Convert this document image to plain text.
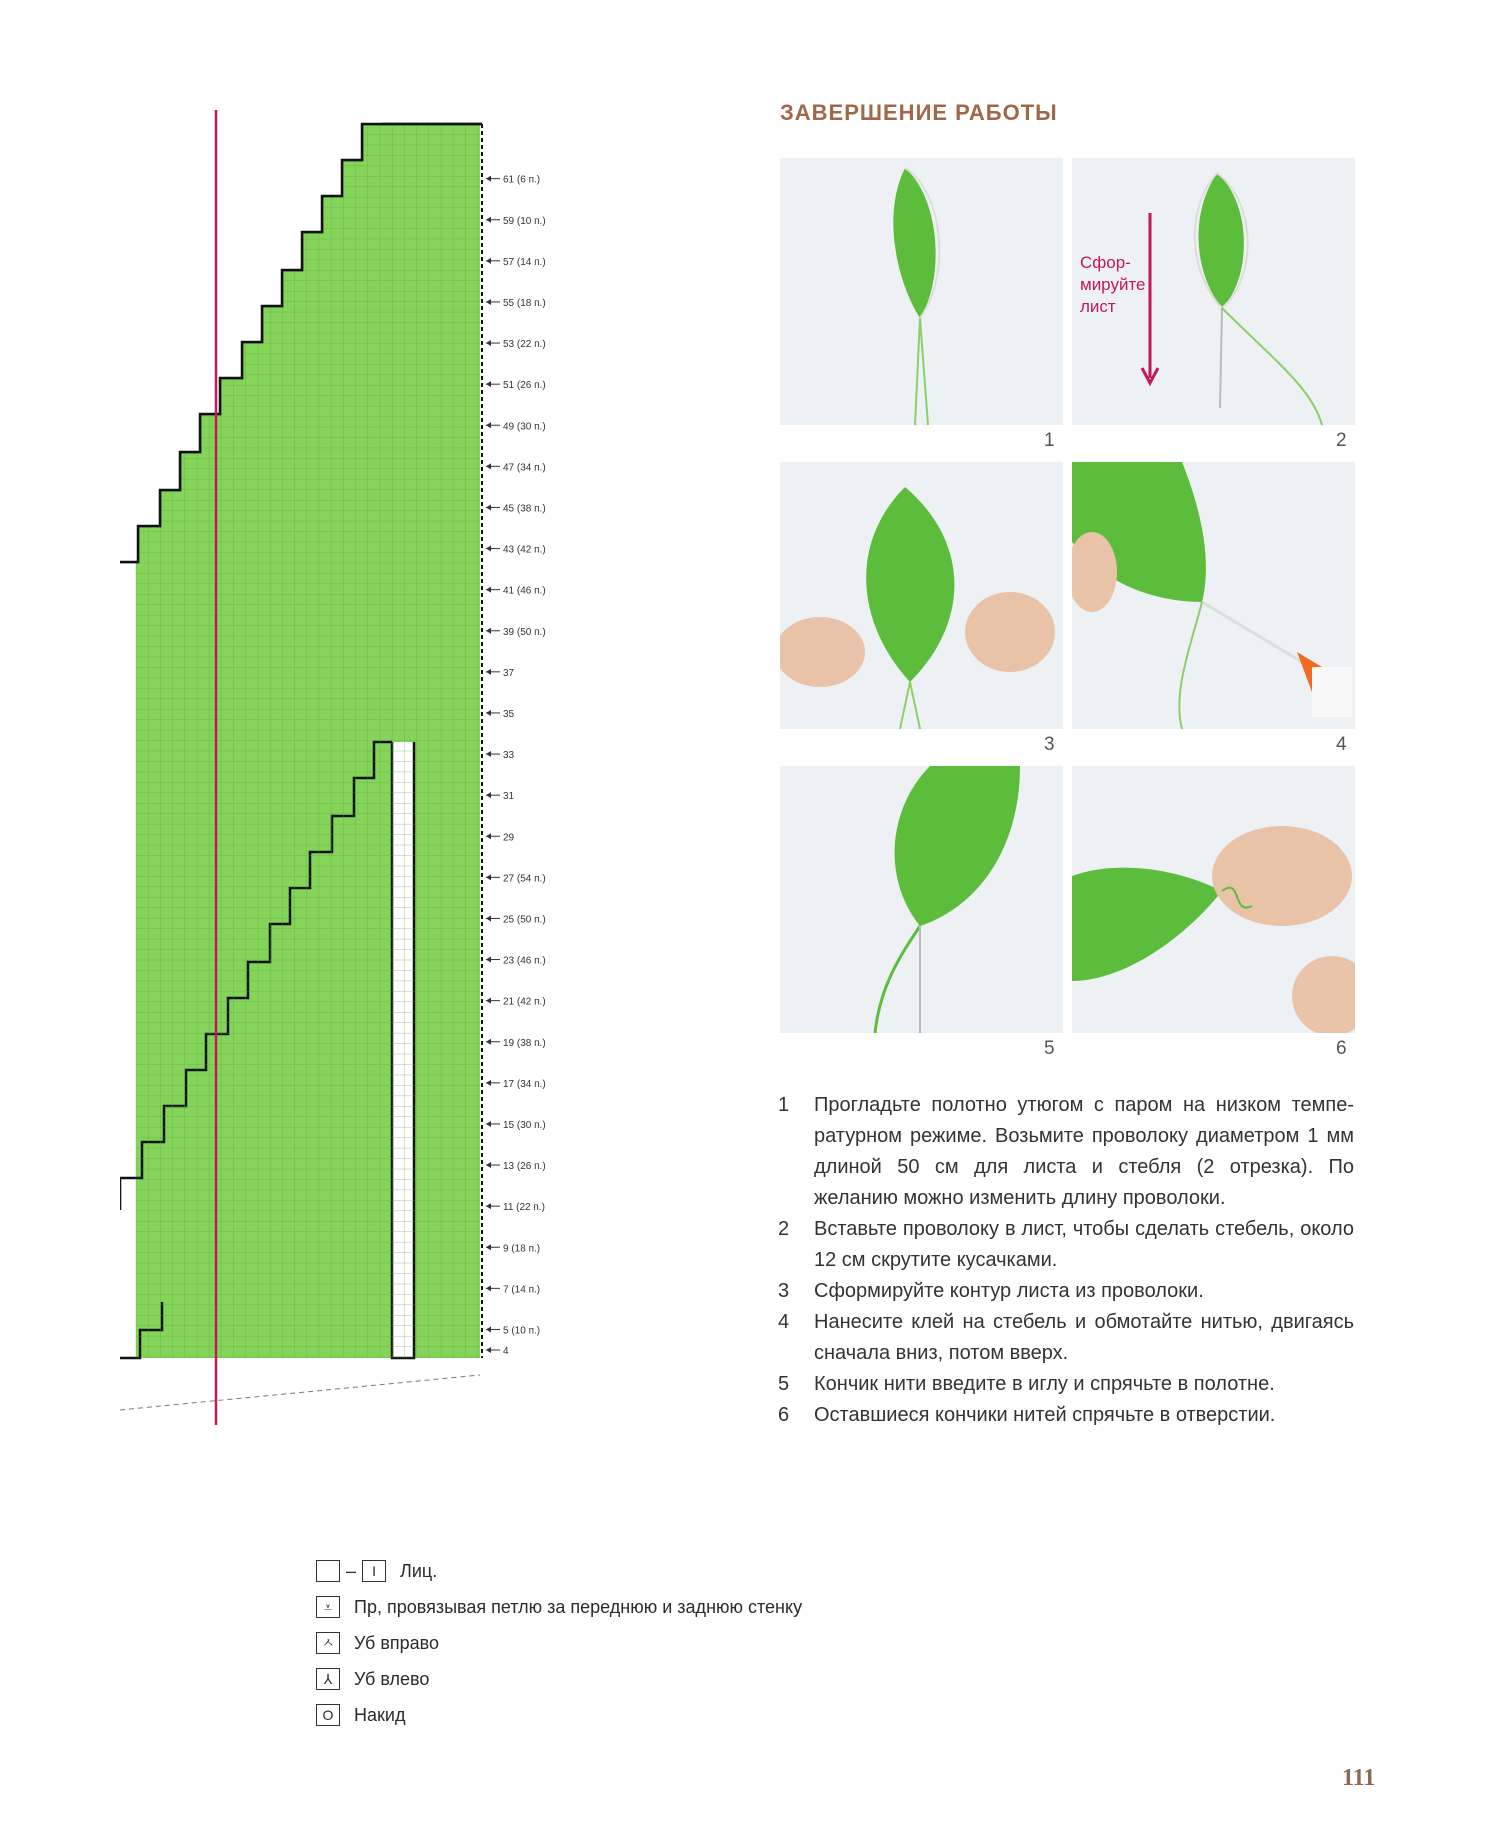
61 (6 п.)
59 (10 п.)
57 (14 п.)
55 (18 п.)
53 (22 п.)
51 (26 п.)
49 (30 п.)
47 (34 п.)
45 (38 п.)
43 (42 п.)
41 (46 п.)
39 (50 п.)
37
35
33
31
29
27 (54 п.)
25 (50 п.)
23 (46 п.)
21 (42 п.)
19 (38 п.)
17 (34 п.)
15 (30 п.)
13 (26 п.)
11 (22 п.)
9 (18 п.)
7 (14 п.)
5 (10 п.)
4
ЗАВЕРШЕНИЕ РАБОТЫ
1
Сфор-
мируйте
лист
2
3	4
5	6
1	Прогладьте полотно утюгом с паром на низком темпе-ратурном режиме. Возьмите проволоку диаметром 1 мм длиной 50 см для листа и стебля (2 отрезка). По желанию можно изменить длину проволоки.
2	Вставьте проволоку в лист, чтобы сделать стебель, около 12 см скрутите кусачками.
3	Сформируйте контур листа из проволоки.
4	Нанесите клей на стебель и обмотайте нитью, двигаясь сначала вниз, потом вверх.
5	Кончик нити введите в иглу и спрячьте в полотне.
6	Оставшиеся кончики нитей спрячьте в отверстии.
–	I	Лиц.
⩡	Пр, провязывая петлю за переднюю и заднюю стенку
ㅅ Уб вправо
⅄	Уб влево
O	Накид
111
